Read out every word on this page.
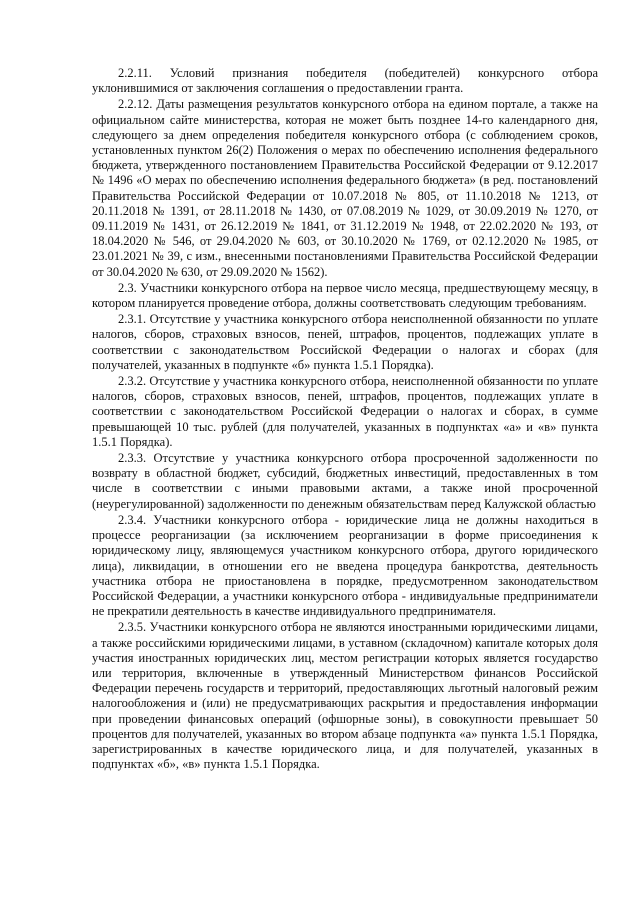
2.2.11. Условий признания победителя (победителей) конкурсного отбора уклонившимися от заключения соглашения о предоставлении гранта.

2.2.12. Даты размещения результатов конкурсного отбора на едином портале, а также на официальном сайте министерства, которая не может быть позднее 14-го календарного дня, следующего за днем определения победителя конкурсного отбора (с соблюдением сроков, установленных пунктом 26(2) Положения о мерах по обеспечению исполнения федерального бюджета, утвержденного постановлением Правительства Российской Федерации от 9.12.2017 № 1496 «О мерах по обеспечению исполнения федерального бюджета» (в ред. постановлений Правительства Российской Федерации от 10.07.2018 № 805, от 11.10.2018 № 1213, от 20.11.2018 № 1391, от 28.11.2018 № 1430, от 07.08.2019 № 1029, от 30.09.2019 № 1270, от 09.11.2019 № 1431, от 26.12.2019 № 1841, от 31.12.2019 № 1948, от 22.02.2020 № 193, от 18.04.2020 № 546, от 29.04.2020 № 603, от 30.10.2020 № 1769, от 02.12.2020 № 1985, от 23.01.2021 № 39, с изм., внесенными постановлениями Правительства Российской Федерации от 30.04.2020 № 630, от 29.09.2020 № 1562).

2.3. Участники конкурсного отбора на первое число месяца, предшествующему месяцу, в котором планируется проведение отбора, должны соответствовать следующим требованиям.

2.3.1. Отсутствие у участника конкурсного отбора неисполненной обязанности по уплате налогов, сборов, страховых взносов, пеней, штрафов, процентов, подлежащих уплате в соответствии с законодательством Российской Федерации о налогах и сборах (для получателей, указанных в подпункте «б» пункта 1.5.1 Порядка).

2.3.2. Отсутствие у участника конкурсного отбора, неисполненной обязанности по уплате налогов, сборов, страховых взносов, пеней, штрафов, процентов, подлежащих уплате в соответствии с законодательством Российской Федерации о налогах и сборах, в сумме превышающей 10 тыс. рублей (для получателей, указанных в подпунктах «а» и «в» пункта 1.5.1 Порядка).

2.3.3. Отсутствие у участника конкурсного отбора просроченной задолженности по возврату в областной бюджет, субсидий, бюджетных инвестиций, предоставленных в том числе в соответствии с иными правовыми актами, а также иной просроченной (неурегулированной) задолженности по денежным обязательствам перед Калужской областью

2.3.4. Участники конкурсного отбора - юридические лица не должны находиться в процессе реорганизации (за исключением реорганизации в форме присоединения к юридическому лицу, являющемуся участником конкурсного отбора, другого юридического лица), ликвидации, в отношении его не введена процедура банкротства, деятельность участника отбора не приостановлена в порядке, предусмотренном законодательством Российской Федерации, а участники конкурсного отбора - индивидуальные предприниматели не прекратили деятельность в качестве индивидуального предпринимателя.

2.3.5. Участники конкурсного отбора не являются иностранными юридическими лицами, а также российскими юридическими лицами, в уставном (складочном) капитале которых доля участия иностранных юридических лиц, местом регистрации которых является государство или территория, включенные в утвержденный Министерством финансов Российской Федерации перечень государств и территорий, предоставляющих льготный налоговый режим налогообложения и (или) не предусматривающих раскрытия и предоставления информации при проведении финансовых операций (офшорные зоны), в совокупности превышает 50 процентов для получателей, указанных во втором абзаце подпункта «а» пункта 1.5.1 Порядка, зарегистрированных в качестве юридического лица, и для получателей, указанных в подпунктах «б», «в» пункта 1.5.1 Порядка.
